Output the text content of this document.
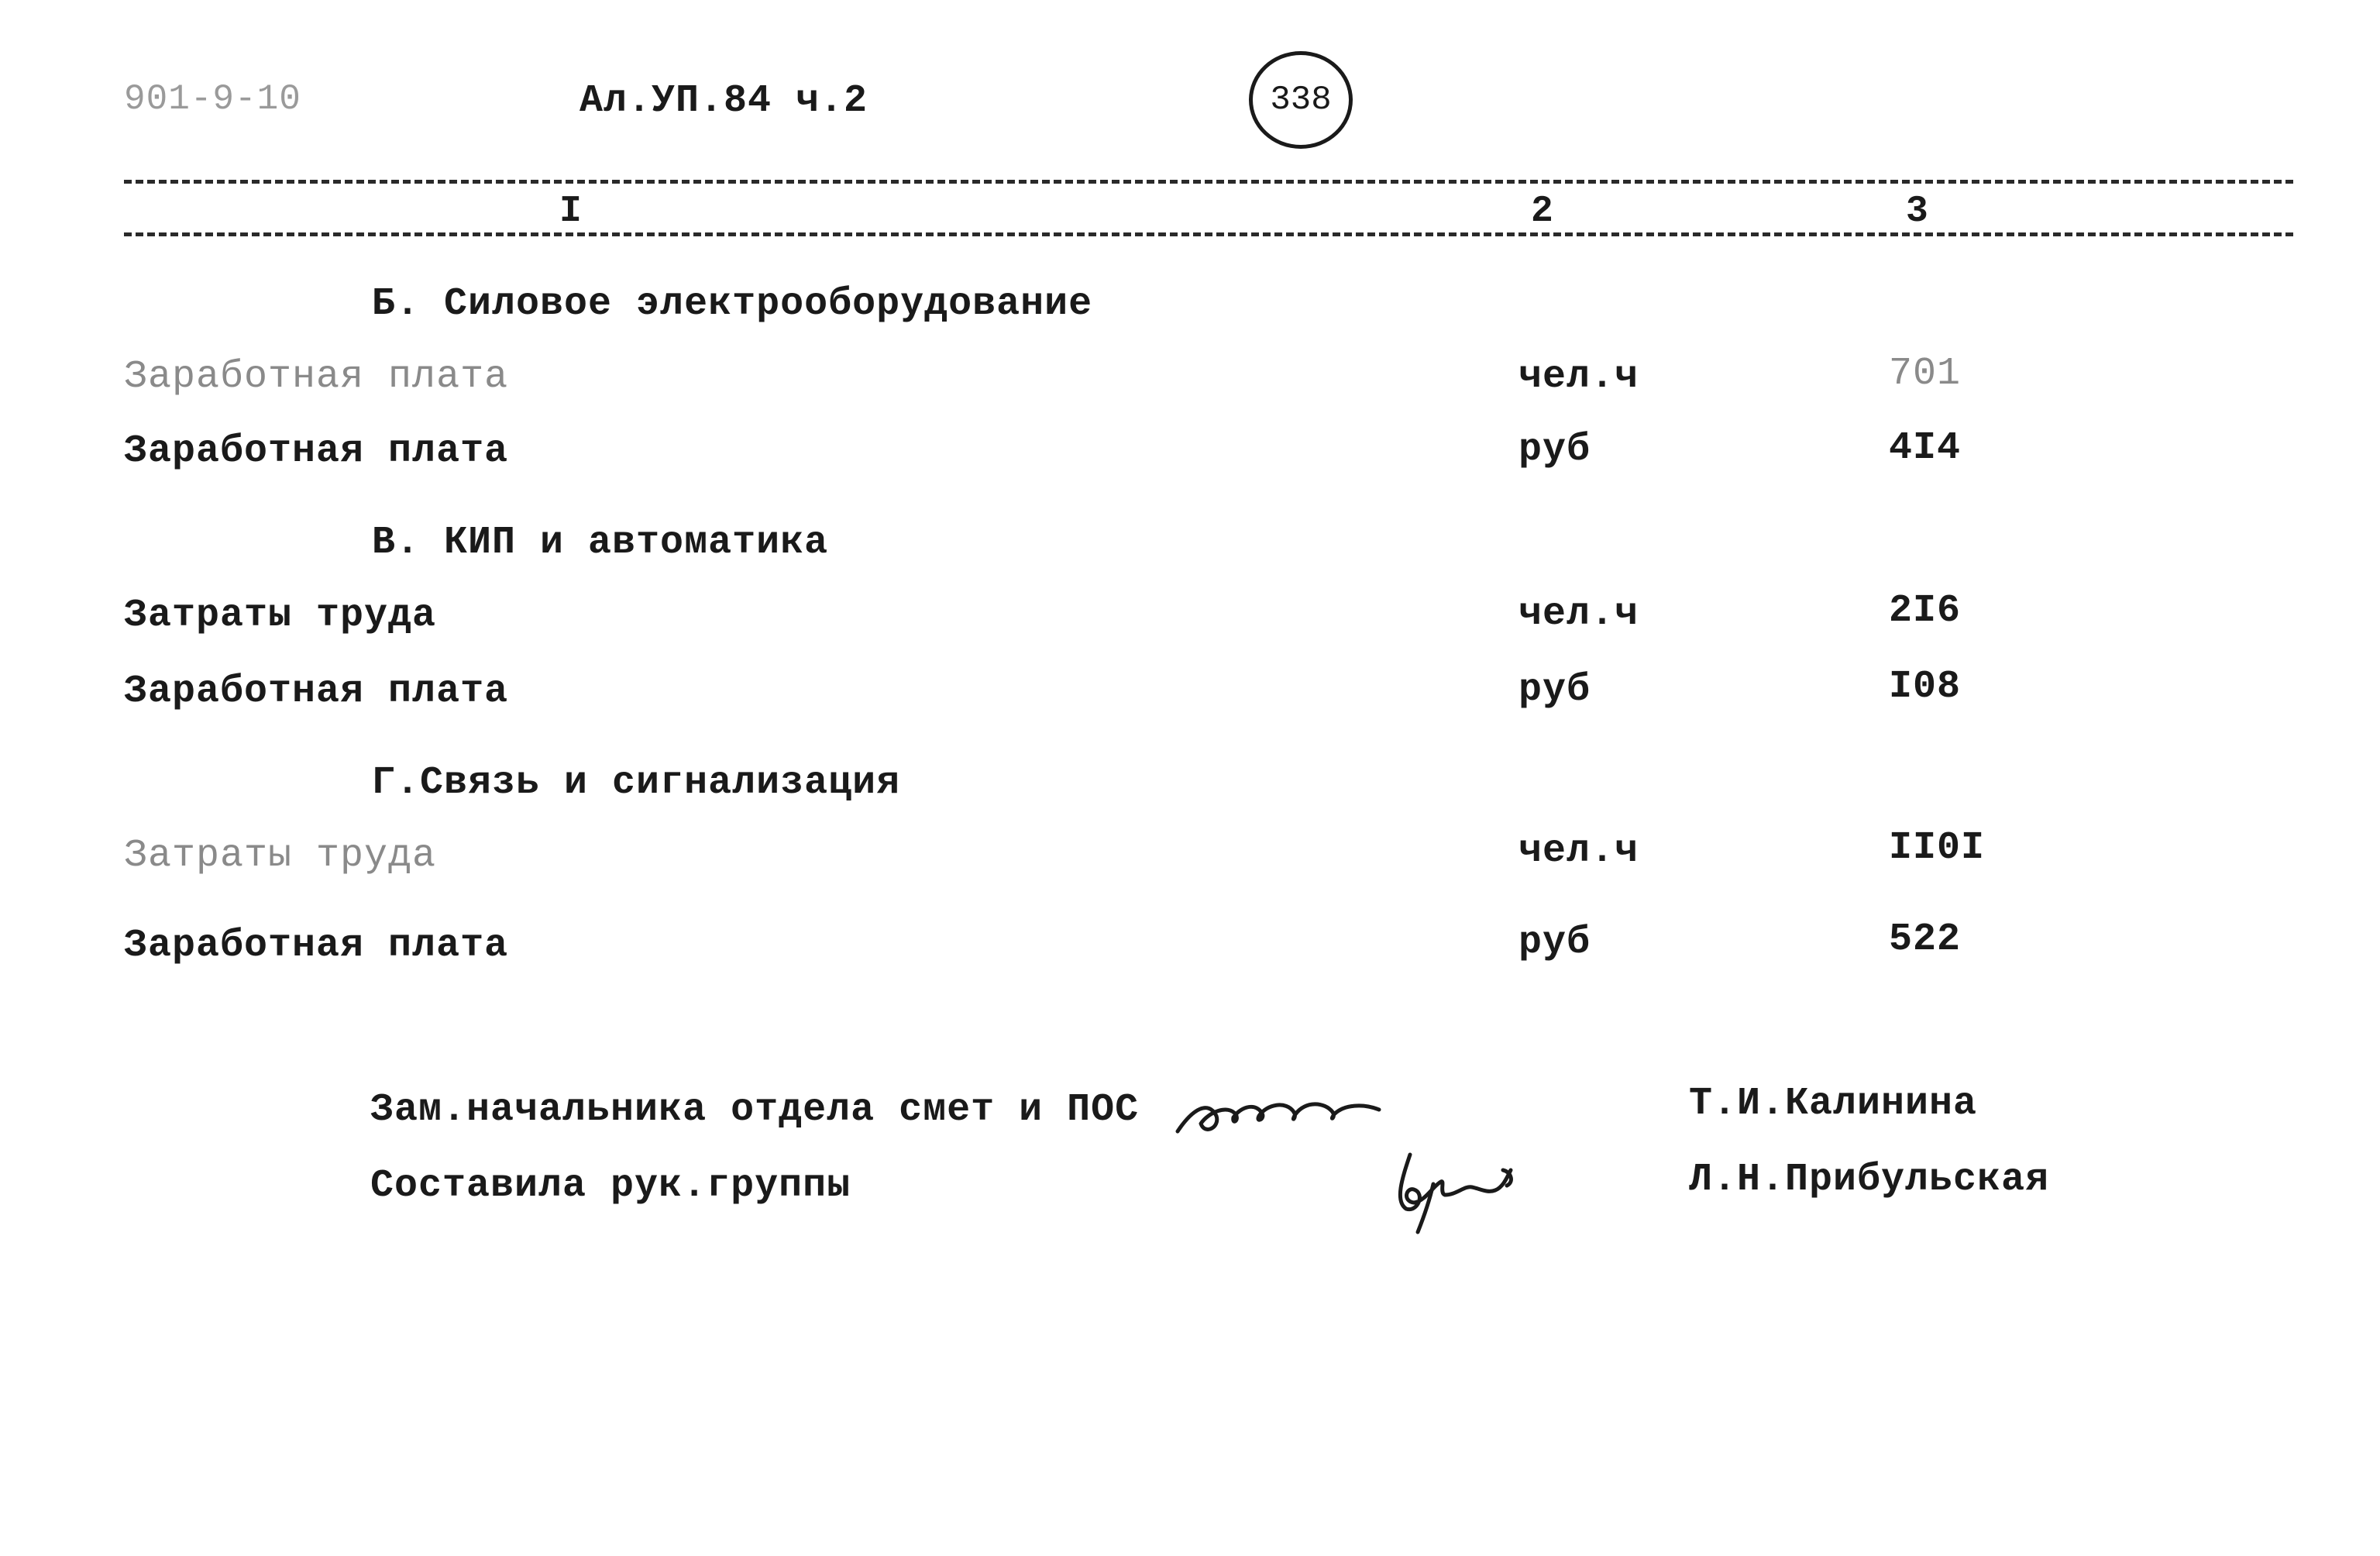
901-9-10	Ал.УП.84 ч.2	338
I	2	3
Б. Силовое электрооборудование
Заработная плата	чел.ч	701
Заработная плата	руб	4I4
В. КИП и автоматика
Затраты труда	чел.ч	2I6
Заработная плата	руб	I08
Г.Связь и сигнализация
Затраты труда	чел.ч	II0I
Заработная плата	руб	522
Зам.начальника отдела смет и ПОС	Т.И.Калинина
Составила рук.группы	Л.Н.Прибульская
